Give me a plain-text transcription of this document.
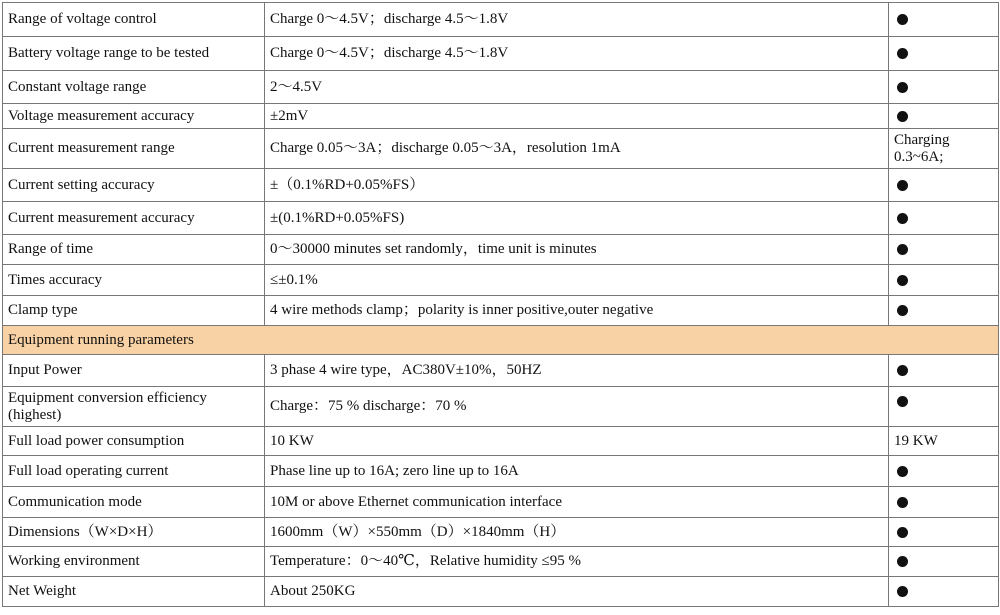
Range of voltage control	Charge 0～4.5V；discharge 4.5～1.8V	
Battery voltage range to be tested	Charge 0～4.5V；discharge 4.5～1.8V	
Constant voltage range	2～4.5V	
Voltage measurement accuracy	±2mV	
Current measurement range	Charge 0.05～3A；discharge 0.05～3A，resolution 1mA	Charging 0.3~6A;
Current setting accuracy	±（0.1%RD+0.05%FS）	
Current measurement accuracy	±(0.1%RD+0.05%FS)	
Range of time	0～30000 minutes set randomly，time unit is minutes	
Times accuracy	≤±0.1%	
Clamp type	4 wire methods clamp；polarity is inner positive,outer negative	
Equipment running parameters		
Input Power	3 phase 4 wire type，AC380V±10%，50HZ	
Equipment conversion efficiency (highest)	Charge：75 % discharge：70 %	
Full load power consumption	10 KW	19 KW
Full load operating current	Phase line up to 16A; zero line up to 16A	
Communication mode	10M or above Ethernet communication interface	
Dimensions（W×D×H）	1600mm（W）×550mm（D）×1840mm（H）	
Working environment	Temperature：0～40℃，Relative humidity ≤95 %	
Net Weight	About 250KG	
